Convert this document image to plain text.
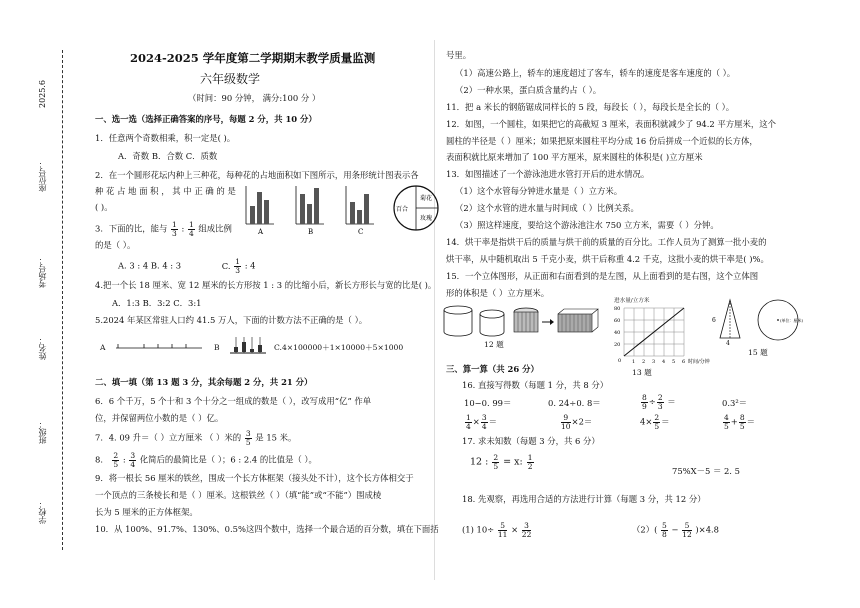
2025.6
学校：
班级：
姓名：
考场号：
座位号：
2024-2025 学年度第二学期期末教学质量监测
六年级数学
（时间：90 分钟， 满分:100 分 ）
一、选一选（选择正确答案的序号，每题 2 分，共 10 分）
1．任意两个奇数相乘，积一定是( )。
A．奇数 B．合数 C．质数
2．在一个圆形花坛内种上三种花，每种花的占地面积如下图所示，用条形统计图表示各
种 花 占 地 面 积 ， 其 中 正 确 的 是
( )。
A	B	C
百合
菊花
玫瑰
3．下面的比，能与 $\frac{1}{3}$ : $\frac{1}{4}$ 组成比例
的是（ ）。
A. 3 : 4 B. 4 : 3	C. $\frac{1}{3}$ : 4
4.把一个长 18 厘米、宽 12 厘米的长方形按 1 : 3 的比缩小后，新长方形长与宽的比是( )。
A．1:3 B．3:2 C．3:1
5.2024 年某区常驻人口约 41.5 万人，下面的计数方法不正确的是（ ）。
A	B	C.4×100000＋1×10000＋5×1000
二、填一填（第 13 题 3 分，其余每题 2 分，共 21 分）
6．6 个千万，5 个十和 3 个十分之一组成的数是（ ），改写成用“亿” 作单
位，并保留两位小数的是（ ）亿。
7．4. 09 升＝（ ）立方厘米 （ ）米的 $\frac{3}{5}$ 是 15 米。
8． $\frac{2}{5}$ : $\frac{3}{4}$ 化简后的最简比是（ ）；6 : 2.4 的比值是（ ）。
9．将一根长 56 厘米的铁丝，围成一个长方体框架（接头处不计），这个长方体相交于
一个顶点的三条棱长和是（ ）厘米。这根铁丝（ ）（填“能”或“不能”）围成棱
长为 5 厘米的正方体框架。
10．从 100%、91.7%、130%、0.5%这四个数中，选择一个最合适的百分数，填在下面括
号里。
（1）高速公路上，轿车的速度超过了客车，轿车的速度是客车速度的（ ）。
（2）一种水果，蛋白质含量约占（ ）。
11．把 a 米长的钢筋锯成同样长的 5 段，每段长（ ），每段长是全长的（ ）。
12．如图，一个圆柱，如果把它的高截短 3 厘米，表面积就减少了 94.2 平方厘米，这个
圆柱的半径是（ ）厘米；如果把原来圆柱平均分成 16 份后拼成一个近似的长方体，
表面积就比原来增加了 100 平方厘米，原来圆柱的体积是( )立方厘米
13．如图描述了一个游泳池进水管打开后的进水情况。
（1）这个水管每分钟进水量是（ ）立方米。
（2）这个水管的进水量与时间成（ ）比例关系。
（3）照这样速度，要给这个游泳池注水 750 立方米，需要（ ）分钟。
14．烘干率是指烘干后的质量与烘干前的质量的百分比。工作人员为了测算一批小麦的
烘干率，从中随机取出 5 千克小麦，烘干后称重 4.2 千克，这批小麦的烘干率是( )%。
15．一个立体图形，从正面和右面看到的是左图，从上面看到的是右图，这个立体图
形的体积是（ ）立方厘米。
12 题
进水量/立方米
80
60
40
20
0 1 2 3 4 5 6 时间/分钟
13 题
6
4
(单位：厘米)
15 题
三、算一算（共 26 分）
16. 直接写得数（每题 1 分，共 8 分）
10−0. 99＝	0. 24÷0. 8＝	$\frac{8}{9} \div \frac{2}{3}$ ＝	0.3²＝
$\frac{1}{4} \times \frac{3}{4}$ ＝	$\frac{9}{10} \times 2=$	$4\times \frac{2}{5}$ ＝	$\frac{4}{5} + \frac{8}{5}$ ＝
17. 求未知数（每题 3 分，共 6 分）
12 : $\frac{2}{5} = x$: $\frac{1}{2}$
75%X－5 ＝ 2. 5
18. 先观察，再选用合适的方法进行计算（每题 3 分，共 12 分）
(1) $10\div \frac{5}{11} \times \frac{3}{22}$	$(2)( \frac{5}{8} - \frac{5}{12} )\times 4.8$
